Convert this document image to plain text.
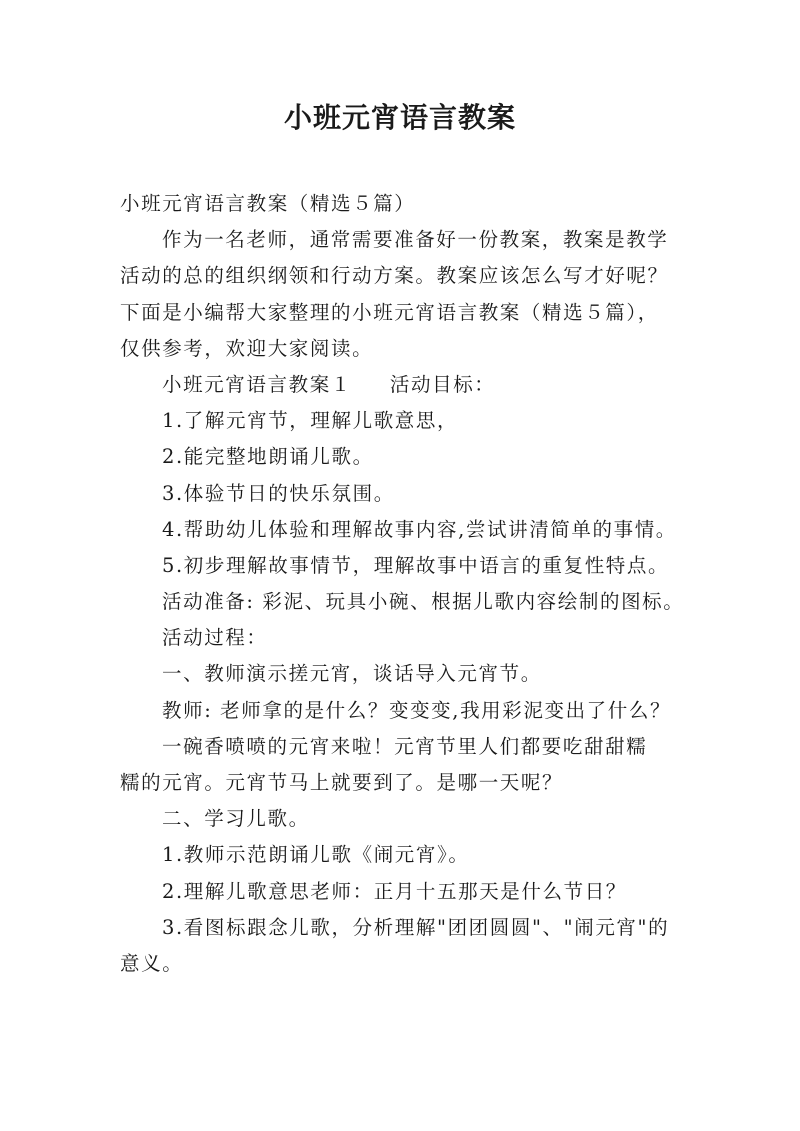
小班元宵语言教案

小班元宵语言教案（精选５篇）

作为一名老师，通常需要准备好一份教案，教案是教学

活动的总的组织纲领和行动方案。教案应该怎么写才好呢？

下面是小编帮大家整理的小班元宵语言教案（精选５篇），

仅供参考，欢迎大家阅读。

小班元宵语言教案１ 活动目标：

1.了解元宵节，理解儿歌意思，

2.能完整地朗诵儿歌。

3.体验节日的快乐氛围。

4.帮助幼儿体验和理解故事内容,尝试讲清简单的事情。

5.初步理解故事情节，理解故事中语言的重复性特点。

活动准备: 彩泥、玩具小碗、根据儿歌内容绘制的图标。

活动过程：

一、教师演示搓元宵，谈话导入元宵节。

教师: 老师拿的是什么？变变变,我用彩泥变出了什么？

一碗香喷喷的元宵来啦！元宵节里人们都要吃甜甜糯

糯的元宵。元宵节马上就要到了。是哪一天呢？

二、学习儿歌。

1.教师示范朗诵儿歌《闹元宵》。

2.理解儿歌意思老师：正月十五那天是什么节日？

3.看图标跟念儿歌，分析理解"团团圆圆"、"闹元宵"的

意义。
